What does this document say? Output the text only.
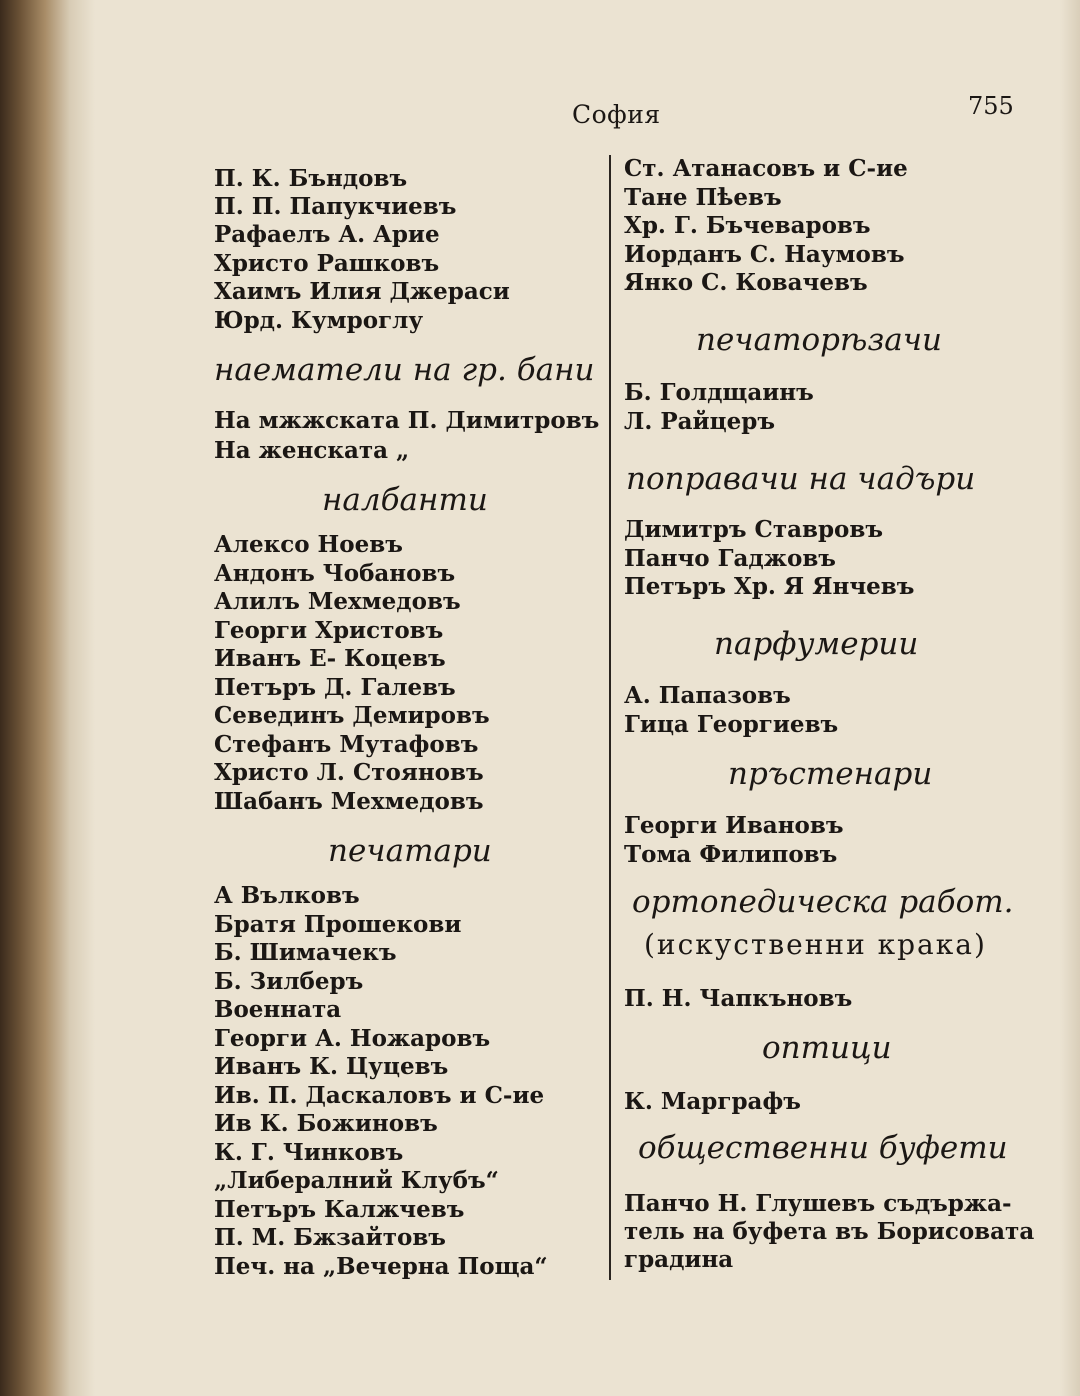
София	755
П. К. Бъндовъ
П. П. Папукчиевъ
Рафаелъ А. Арие
Христо Рашковъ
Хаимъ Илия Джераси
Юрд. Кумроглу
наематели на гр. бани
На мжжската П. Димитровъ
На женската „
налбанти
Алексо Ноевъ
Андонъ Чобановъ
Алилъ Мехмедовъ
Георги Христовъ
Иванъ Е- Коцевъ
Петъръ Д. Галевъ
Севединъ Демировъ
Стефанъ Мутафовъ
Христо Л. Стояновъ
Шабанъ Мехмедовъ
печатари
А Вълковъ
Братя Прошекови
Б. Шимачекъ
Б. Зилберъ
Военната
Георги А. Ножаровъ
Иванъ К. Цуцевъ
Ив. П. Даскаловъ и С-ие
Ив К. Божиновъ
К. Г. Чинковъ
„Либералний Клубъ“
Петъръ Калжчевъ
П. М. Бжзайтовъ
Печ. на „Вечерна Поща“
Ст. Атанасовъ и С-ие
Тане Пѣевъ
Хр. Г. Бъчеваровъ
Иорданъ С. Наумовъ
Янко С. Ковачевъ
печаторѣзачи
Б. Голдщаинъ
Л. Райцеръ
поправачи на чадъри
Димитръ Ставровъ
Панчо Гаджовъ
Петъръ Хр. Я Янчевъ
парфумерии
А. Папазовъ
Гица Георгиевъ
пръстенари
Георги Ивановъ
Тома Филиповъ
ортопедическа работ.
(искуственни крака)
П. Н. Чапкъновъ
оптици
К. Марграфъ
общественни буфети
Панчо Н. Глушевъ съдържа-
тель на буфета въ Борисовата
градина
